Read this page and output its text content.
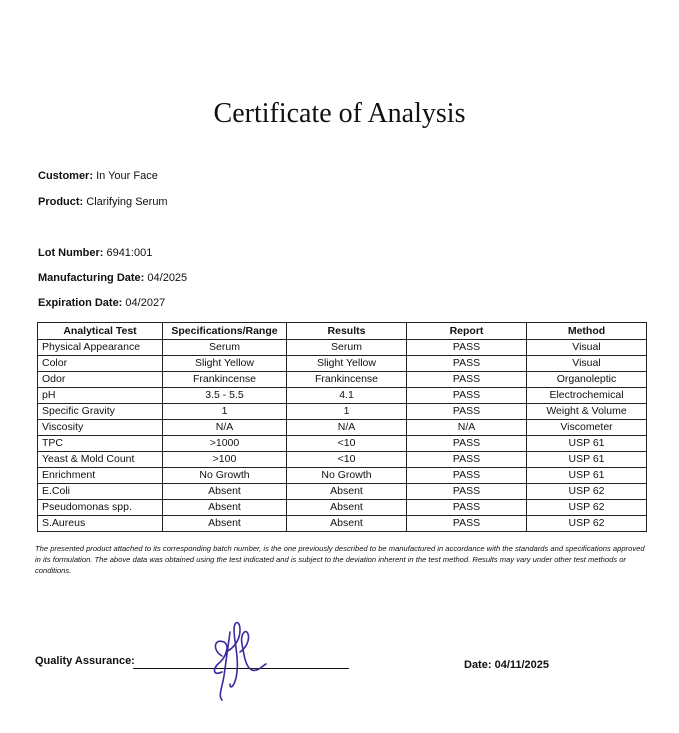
Certificate of Analysis
Customer: In Your Face
Product: Clarifying Serum
Lot Number: 6941:001
Manufacturing Date: 04/2025
Expiration Date: 04/2027
Analytical Test	Specifications/Range	Results	Report	Method
Physical Appearance	Serum	Serum	PASS	Visual
Color	Slight Yellow	Slight Yellow	PASS	Visual
Odor	Frankincense	Frankincense	PASS	Organoleptic
pH	3.5 - 5.5	4.1	PASS	Electrochemical
Specific Gravity	1	1	PASS	Weight & Volume
Viscosity	N/A	N/A	N/A	Viscometer
TPC	>1000	<10	PASS	USP 61
Yeast & Mold Count	>100	<10	PASS	USP 61
Enrichment	No Growth	No Growth	PASS	USP 61
E.Coli	Absent	Absent	PASS	USP 62
Pseudomonas spp.	Absent	Absent	PASS	USP 62
S.Aureus	Absent	Absent	PASS	USP 62
The presented product attached to its corresponding batch number, is the one previously described to be manufactured in accordance with the standards and specifications approved in its formulation. The above data was obtained using the test indicated and is subject to the deviation inherent in the test method. Results may vary under other test methods or conditions.
Quality Assurance:	Date: 04/11/2025
